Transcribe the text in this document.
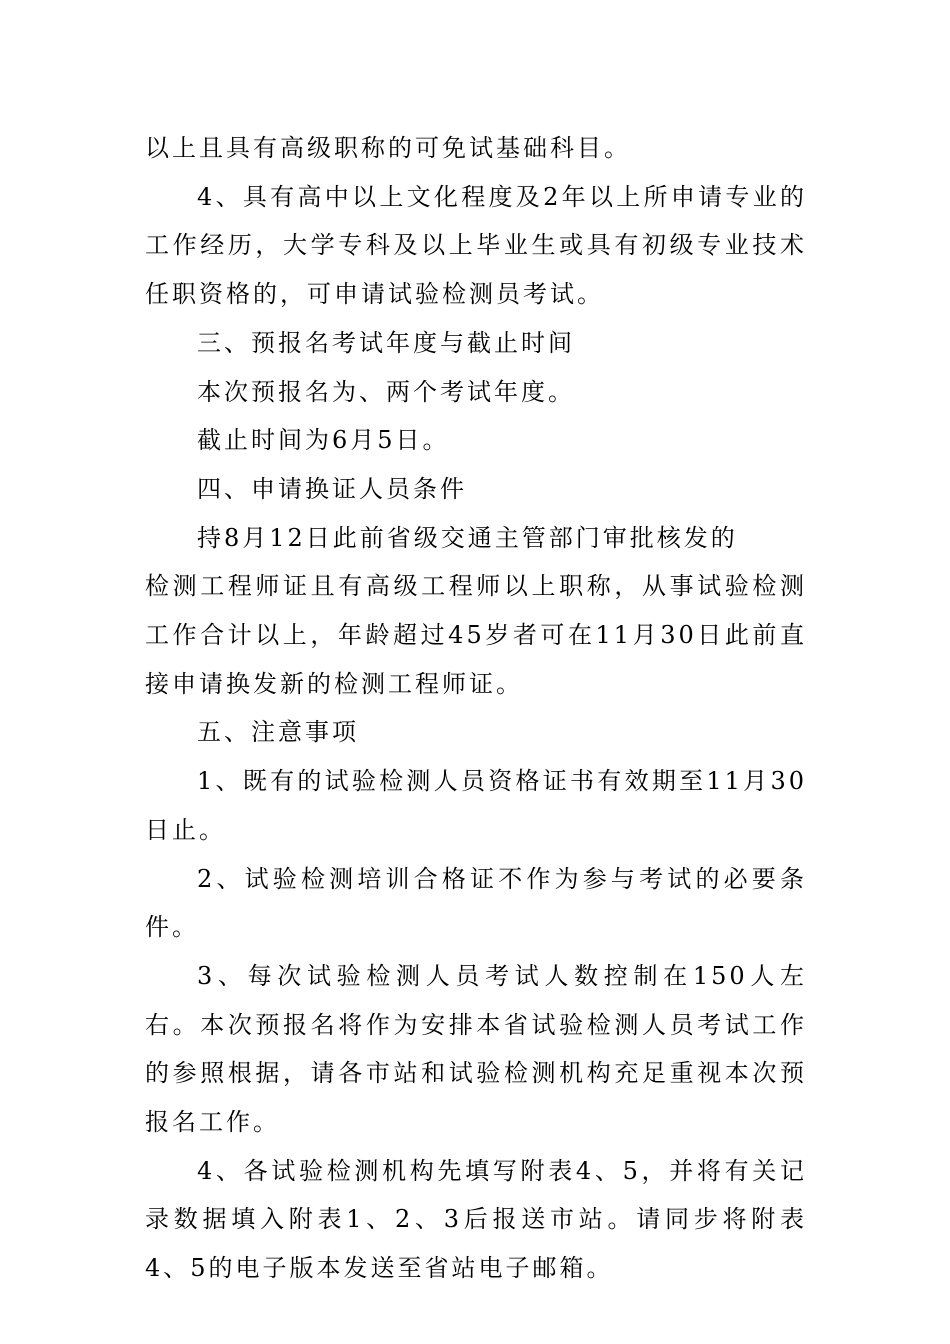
以上且具有高级职称的可免试基础科目。

4、具有高中以上文化程度及2年以上所申请专业的工作经历，大学专科及以上毕业生或具有初级专业技术任职资格的，可申请试验检测员考试。

三、预报名考试年度与截止时间

本次预报名为、两个考试年度。

截止时间为6月5日。

四、申请换证人员条件

持8月12日此前省级交通主管部门审批核发的

检测工程师证且有高级工程师以上职称，从事试验检测工作合计以上，年龄超过45岁者可在11月30日此前直接申请换发新的检测工程师证。

五、注意事项

1、既有的试验检测人员资格证书有效期至11月30日止。

2、试验检测培训合格证不作为参与考试的必要条件。

3、每次试验检测人员考试人数控制在150人左右。本次预报名将作为安排本省试验检测人员考试工作的参照根据，请各市站和试验检测机构充足重视本次预报名工作。

4、各试验检测机构先填写附表4、5，并将有关记录数据填入附表1、2、3后报送市站。请同步将附表4、5的电子版本发送至省站电子邮箱。
